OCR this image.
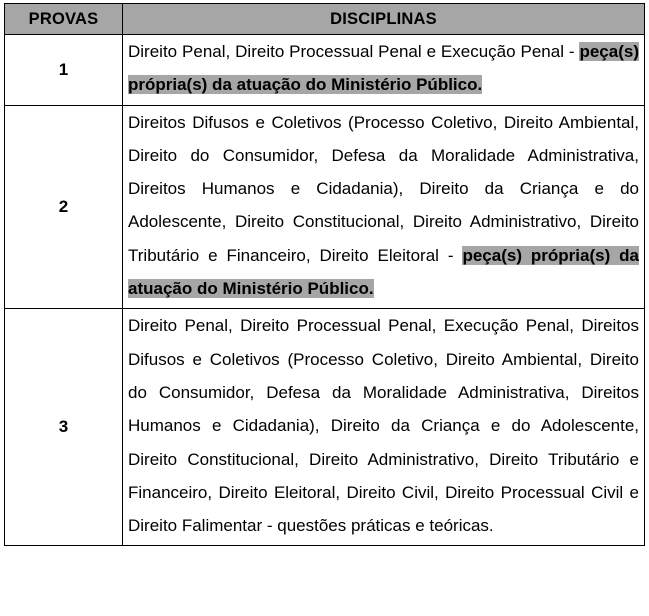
PROVAS	DISCIPLINAS
1	Direito Penal, Direito Processual Penal e Execução Penal - peça(s) própria(s) da atuação do Ministério Público.
2	Direitos Difusos e Coletivos (Processo Coletivo, Direito Ambiental, Direito do Consumidor, Defesa da Moralidade Administrativa, Direitos Humanos e Cidadania), Direito da Criança e do Adolescente, Direito Constitucional, Direito Administrativo, Direito Tributário e Financeiro, Direito Eleitoral - peça(s) própria(s) da atuação do Ministério Público.
3	Direito Penal, Direito Processual Penal, Execução Penal, Direitos Difusos e Coletivos (Processo Coletivo, Direito Ambiental, Direito do Consumidor, Defesa da Moralidade Administrativa, Direitos Humanos e Cidadania), Direito da Criança e do Adolescente, Direito Constitucional, Direito Administrativo, Direito Tributário e Financeiro, Direito Eleitoral, Direito Civil, Direito Processual Civil e Direito Falimentar - questões práticas e teóricas.
